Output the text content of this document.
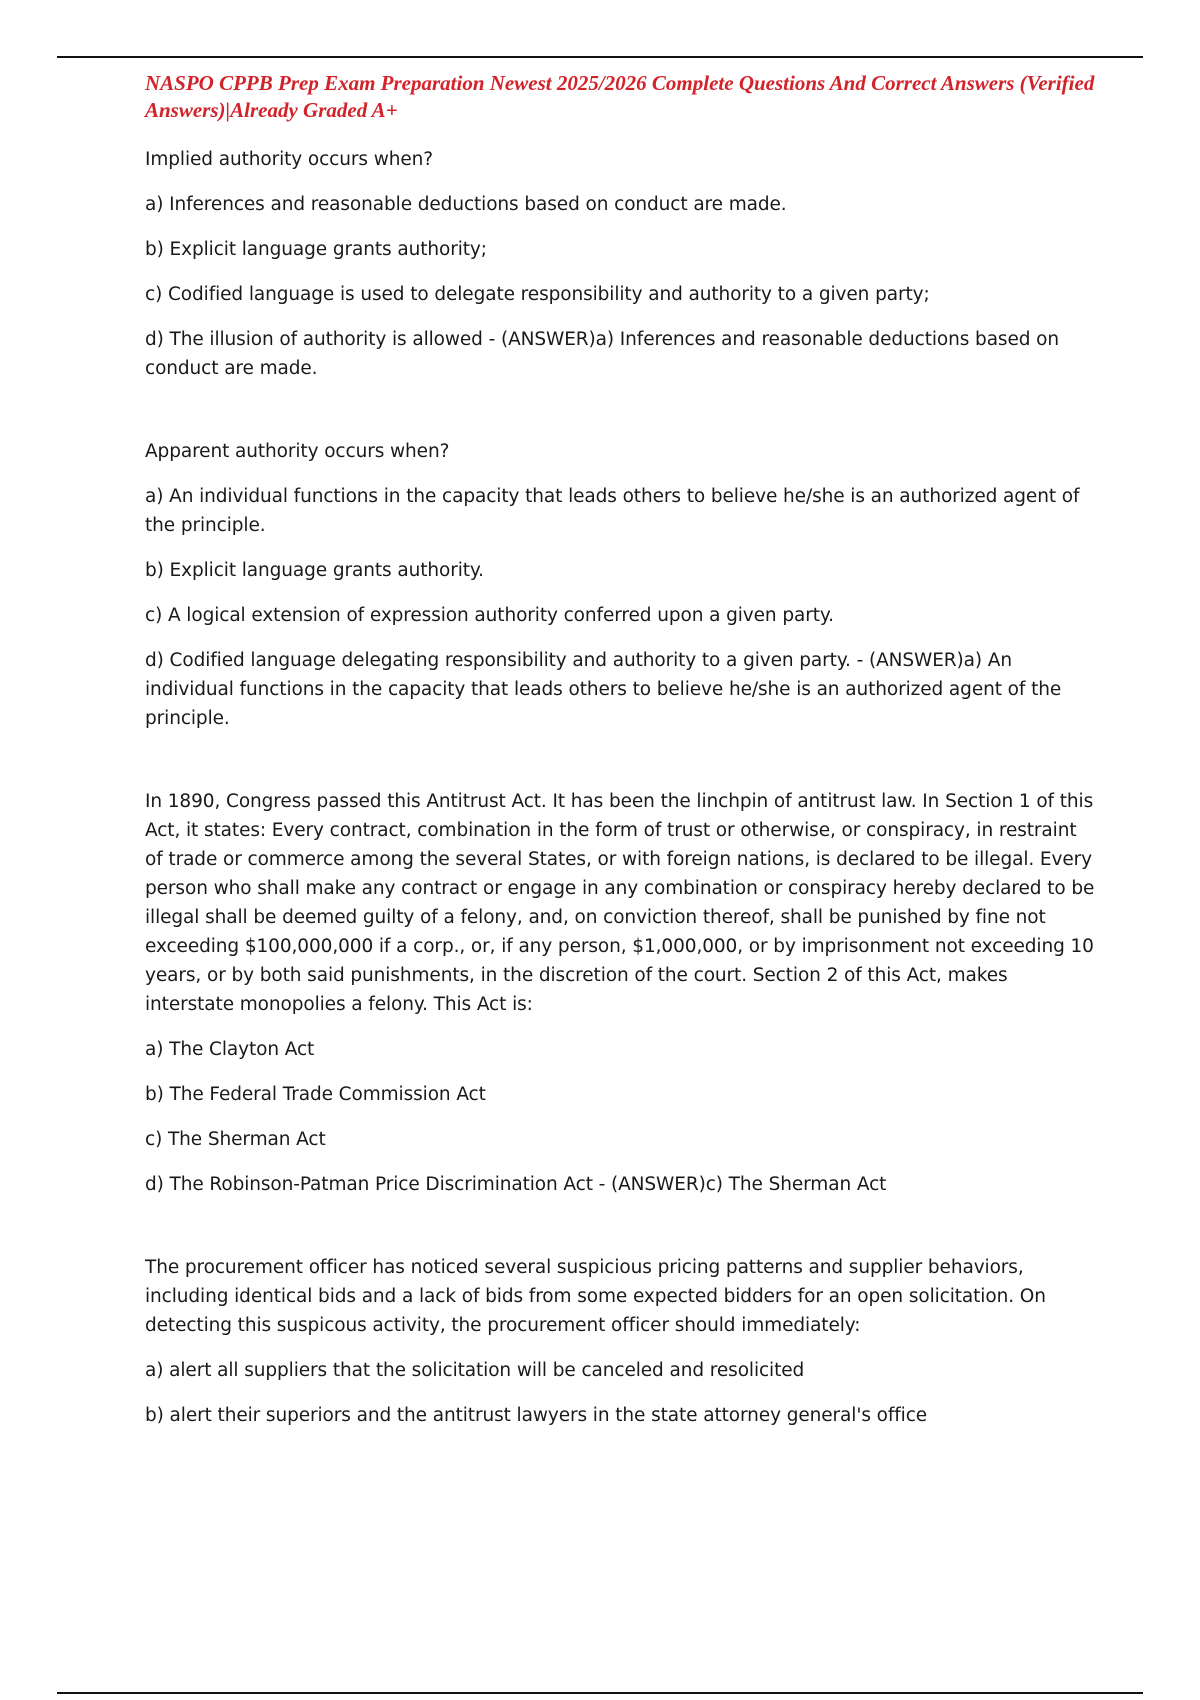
NASPO CPPB Prep Exam Preparation Newest 2025/2026 Complete Questions And Correct Answers (Verified Answers)|Already Graded A+

Implied authority occurs when?

a) Inferences and reasonable deductions based on conduct are made.

b) Explicit language grants authority;

c) Codified language is used to delegate responsibility and authority to a given party;

d) The illusion of authority is allowed - (ANSWER)a) Inferences and reasonable deductions based on conduct are made.

Apparent authority occurs when?

a) An individual functions in the capacity that leads others to believe he/she is an authorized agent of the principle.

b) Explicit language grants authority.

c) A logical extension of expression authority conferred upon a given party.

d) Codified language delegating responsibility and authority to a given party. - (ANSWER)a) An individual functions in the capacity that leads others to believe he/she is an authorized agent of the principle.

In 1890, Congress passed this Antitrust Act. It has been the linchpin of antitrust law. In Section 1 of this Act, it states: Every contract, combination in the form of trust or otherwise, or conspiracy, in restraint of trade or commerce among the several States, or with foreign nations, is declared to be illegal. Every person who shall make any contract or engage in any combination or conspiracy hereby declared to be illegal shall be deemed guilty of a felony, and, on conviction thereof, shall be punished by fine not exceeding $100,000,000 if a corp., or, if any person, $1,000,000, or by imprisonment not exceeding 10 years, or by both said punishments, in the discretion of the court. Section 2 of this Act, makes interstate monopolies a felony. This Act is:

a) The Clayton Act

b) The Federal Trade Commission Act

c) The Sherman Act

d) The Robinson-Patman Price Discrimination Act - (ANSWER)c) The Sherman Act

The procurement officer has noticed several suspicious pricing patterns and supplier behaviors, including identical bids and a lack of bids from some expected bidders for an open solicitation. On detecting this suspicous activity, the procurement officer should immediately:

a) alert all suppliers that the solicitation will be canceled and resolicited

b) alert their superiors and the antitrust lawyers in the state attorney general's office
